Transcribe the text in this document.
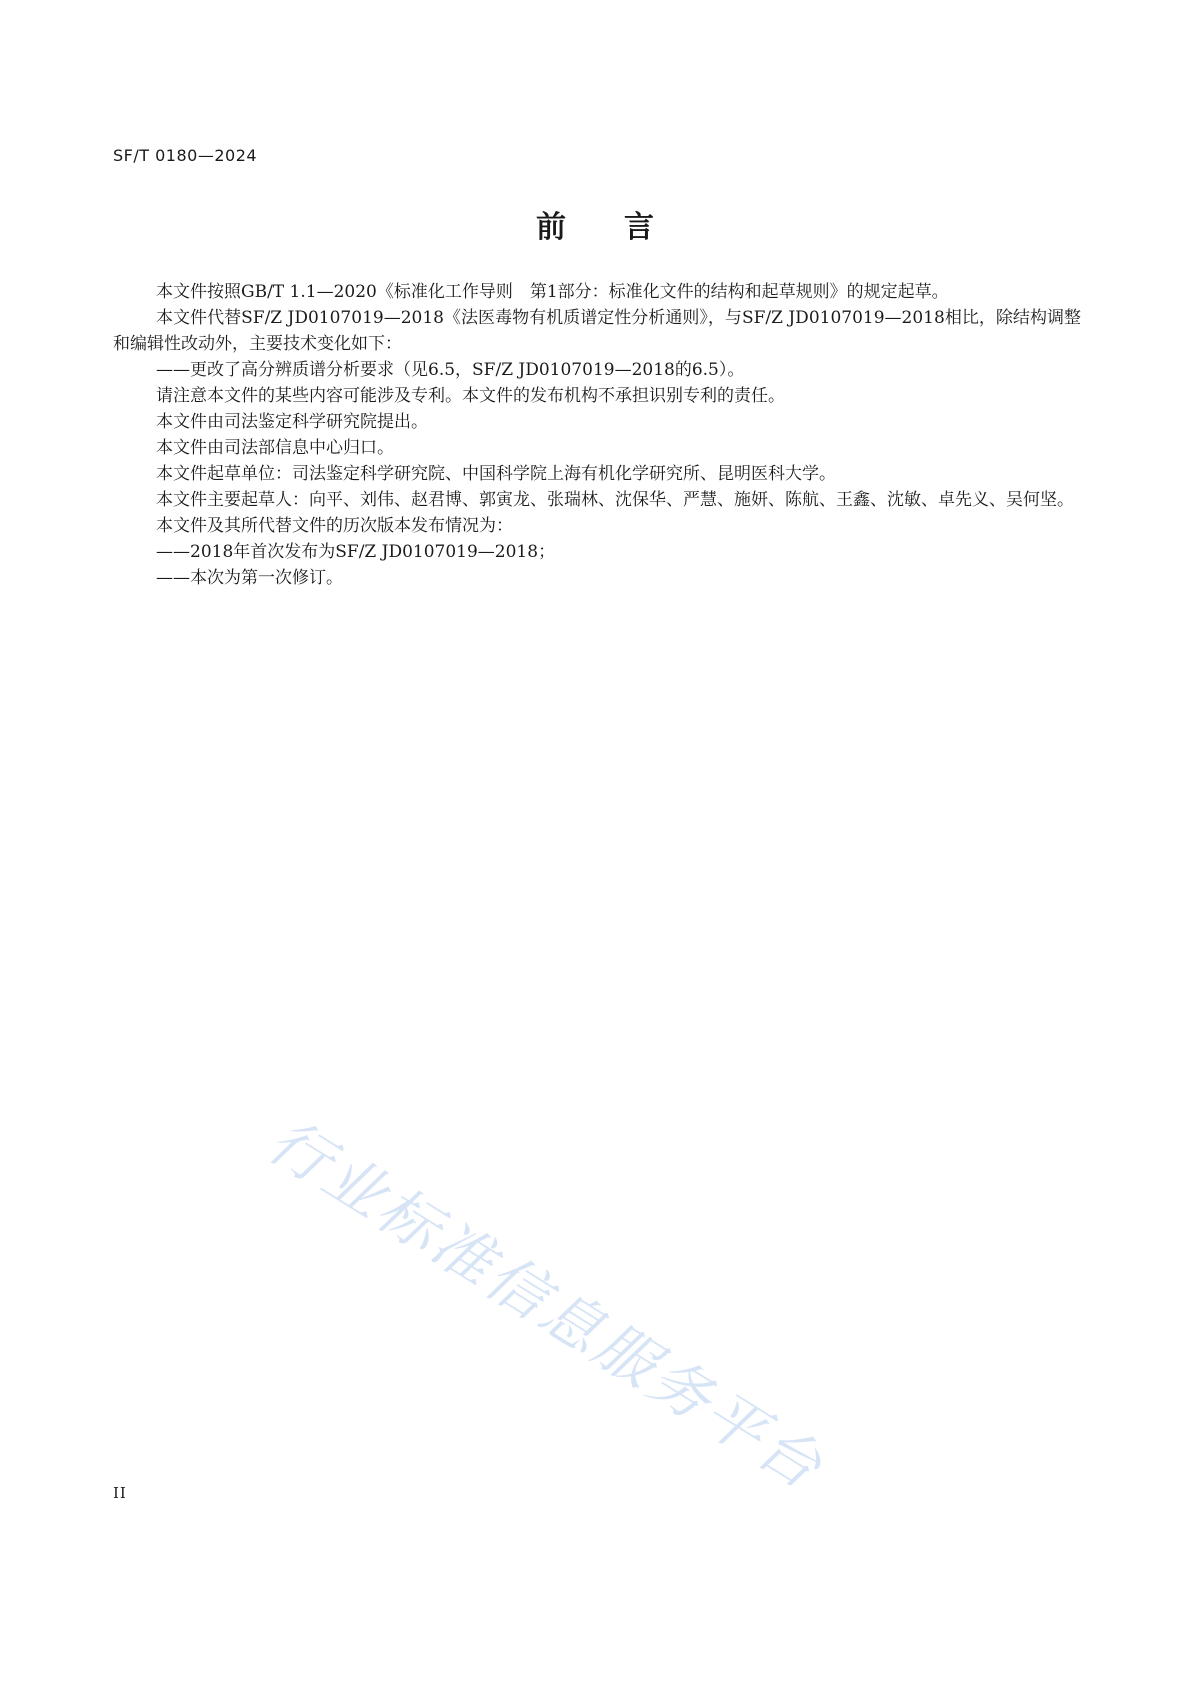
SF/T 0180—2024
前言

本文件按照GB/T 1.1—2020《标准化工作导则　第1部分：标准化文件的结构和起草规则》的规定起草。

本文件代替SF/Z JD0107019—2018《法医毒物有机质谱定性分析通则》，与SF/Z JD0107019—2018相比，除结构调整和编辑性改动外，主要技术变化如下：

——更改了高分辨质谱分析要求（见6.5，SF/Z JD0107019—2018的6.5）。

请注意本文件的某些内容可能涉及专利。本文件的发布机构不承担识别专利的责任。

本文件由司法鉴定科学研究院提出。

本文件由司法部信息中心归口。

本文件起草单位：司法鉴定科学研究院、中国科学院上海有机化学研究所、昆明医科大学。

本文件主要起草人：向平、刘伟、赵君博、郭寅龙、张瑞林、沈保华、严慧、施妍、陈航、王鑫、沈敏、卓先义、吴何坚。

本文件及其所代替文件的历次版本发布情况为：

——2018年首次发布为SF/Z JD0107019—2018；

——本次为第一次修订。

行业标准信息服务平台
II
